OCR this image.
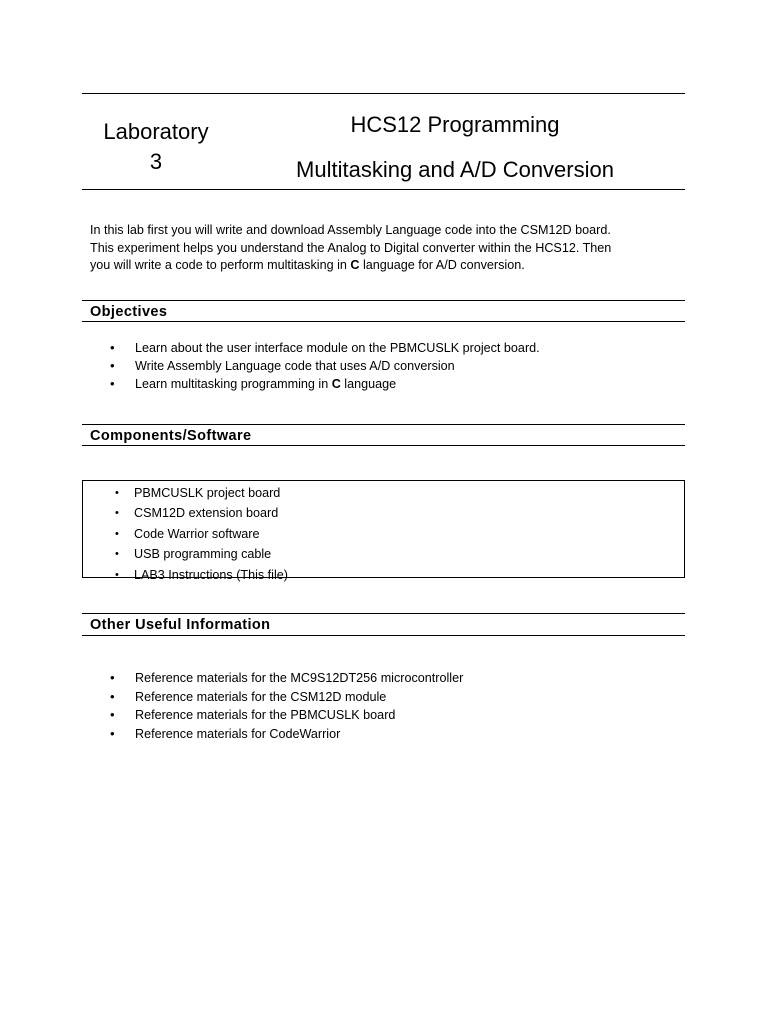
Laboratory
3
HCS12 Programming
Multitasking and A/D Conversion
In this lab first you will write and download Assembly Language code into the CSM12D board.
This experiment helps you understand the Analog to Digital converter within the HCS12. Then
you will write a code to perform multitasking in C language for A/D conversion.
Objectives
• Learn about the user interface module on the PBMCUSLK project board.
• Write Assembly Language code that uses A/D conversion
• Learn multitasking programming in C language
Components/Software
• PBMCUSLK project board
• CSM12D extension board
• Code Warrior software
• USB programming cable
• LAB3 Instructions (This file)
Other Useful Information
• Reference materials for the MC9S12DT256 microcontroller
• Reference materials for the CSM12D module
• Reference materials for the PBMCUSLK board
• Reference materials for CodeWarrior
